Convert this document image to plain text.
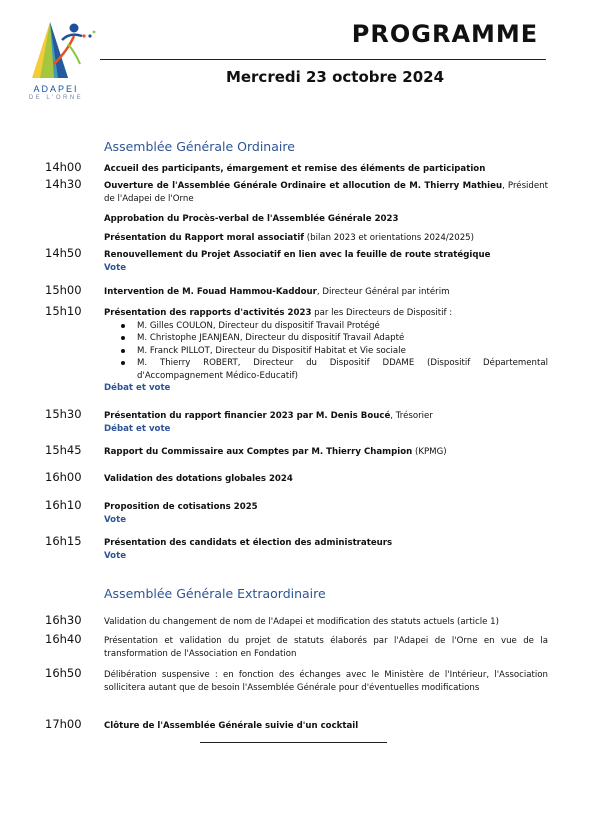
ADAPEI
DE L'ORNE
PROGRAMME
Mercredi 23 octobre 2024
Assemblée Générale Ordinaire
Assemblée Générale Extraordinaire
14h00	Accueil des participants, émargement et remise des éléments de participation
14h30	Ouverture de l'Assemblée Générale Ordinaire et allocution de M. Thierry Mathieu, Président de l'Adapei de l'Orne
Approbation du Procès-verbal de l'Assemblée Générale 2023
Présentation du Rapport moral associatif (bilan 2023 et orientations 2024/2025)
14h50	Renouvellement du Projet Associatif en lien avec la feuille de route stratégique
Vote
15h00	Intervention de M. Fouad Hammou-Kaddour, Directeur Général par intérim
15h10	Présentation des rapports d'activités 2023 par les Directeurs de Dispositif :
M. Gilles COULON, Directeur du dispositif Travail Protégé
M. Christophe JEANJEAN, Directeur du dispositif Travail Adapté
M. Franck PILLOT, Directeur du Dispositif Habitat et Vie sociale
M. Thierry ROBERT, Directeur du Dispositif DDAME (Dispositif Départemental d'Accompagnement Médico-Educatif)
Débat et vote
15h30	Présentation du rapport financier 2023 par M. Denis Boucé, Trésorier
Débat et vote
15h45	Rapport du Commissaire aux Comptes par M. Thierry Champion (KPMG)
16h00	Validation des dotations globales 2024
16h10	Proposition de cotisations 2025
Vote
16h15	Présentation des candidats et élection des administrateurs
Vote
16h30	Validation du changement de nom de l'Adapei et modification des statuts actuels (article 1)
16h40	Présentation et validation du projet de statuts élaborés par l'Adapei de l'Orne en vue de la transformation de l'Association en Fondation
16h50	Délibération suspensive : en fonction des échanges avec le Ministère de l'Intérieur, l'Association sollicitera autant que de besoin l'Assemblée Générale pour d'éventuelles modifications
17h00	Clôture de l'Assemblée Générale suivie d'un cocktail
